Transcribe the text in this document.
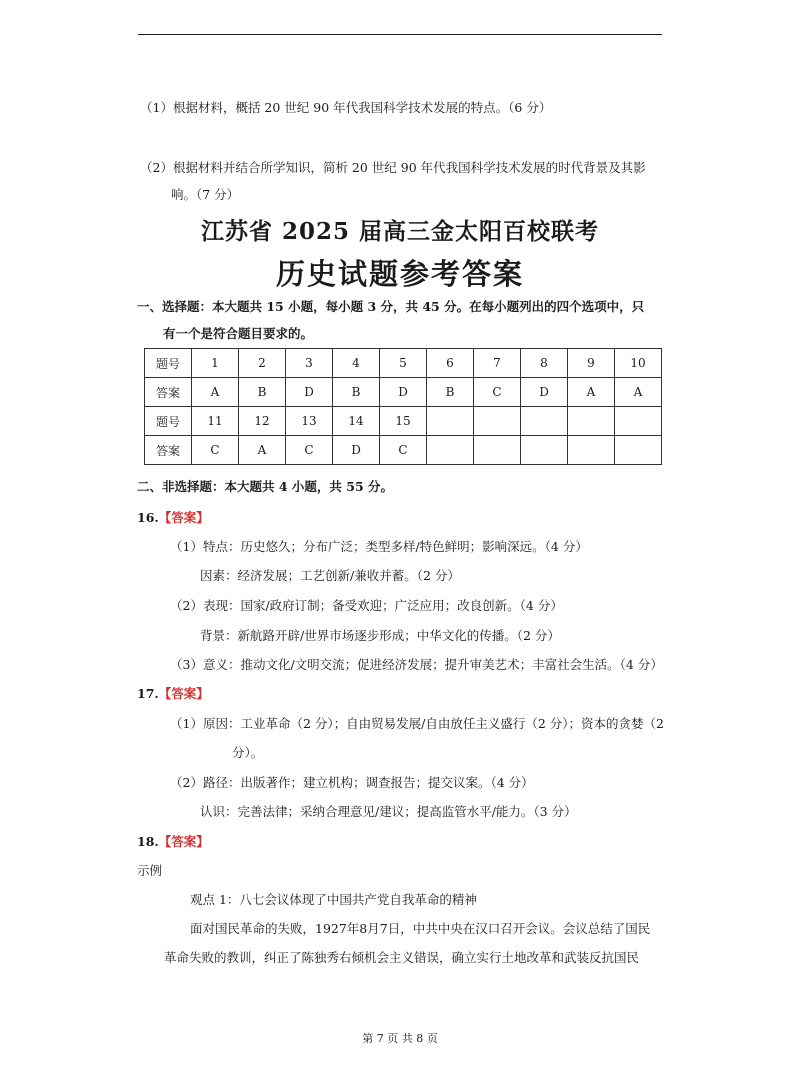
（1）根据材料，概括 20 世纪 90 年代我国科学技术发展的特点。（6 分）
（2）根据材料并结合所学知识，简析 20 世纪 90 年代我国科学技术发展的时代背景及其影
响。（7 分）
江苏省 2025 届高三金太阳百校联考
历史试题参考答案
一、选择题：本大题共 15 小题，每小题 3 分，共 45 分。在每小题列出的四个选项中，只
有一个是符合题目要求的。
题号	1	2	3	4	5	6	7	8	9	10
答案	A	B	D	B	D	B	C	D	A	A
题号	11	12	13	14	15					
答案	C	A	C	D	C					
二、非选择题：本大题共 4 小题，共 55 分。
16.【答案】
（1）特点：历史悠久；分布广泛；类型多样/特色鲜明；影响深远。（4 分）
因素：经济发展；工艺创新/兼收并蓄。（2 分）
（2）表现：国家/政府订制；备受欢迎；广泛应用；改良创新。（4 分）
背景：新航路开辟/世界市场逐步形成；中华文化的传播。（2 分）
（3）意义：推动文化/文明交流；促进经济发展；提升审美艺术；丰富社会生活。（4 分）
17.【答案】
（1）原因：工业革命（2 分）；自由贸易发展/自由放任主义盛行（2 分）；资本的贪婪（2
分）。
（2）路径：出版著作；建立机构；调查报告；提交议案。（4 分）
认识：完善法律；采纳合理意见/建议；提高监管水平/能力。（3 分）
18.【答案】
示例
观点 1：八七会议体现了中国共产党自我革命的精神
面对国民革命的失败，1927年8月7日，中共中央在汉口召开会议。会议总结了国民
革命失败的教训，纠正了陈独秀右倾机会主义错误，确立实行土地改革和武装反抗国民
第 7 页 共 8 页
